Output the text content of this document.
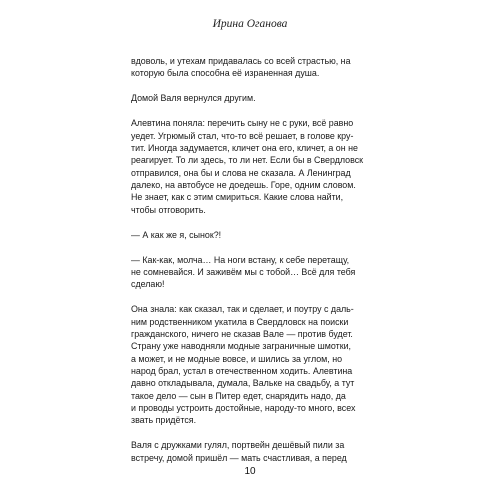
Ирина Оганова

вдоволь, и утехам придавалась со всей страстью, на
которую была способна её израненная душа.

Домой Валя вернулся другим.

Алевтина поняла: перечить сыну не с руки, всё равно
уедет. Угрюмый стал, что-то всё решает, в голове кру-
тит. Иногда задумается, кличет она его, кличет, а он не
реагирует. То ли здесь, то ли нет. Если бы в Свердловск
отправился, она бы и слова не сказала. А Ленинград
далеко, на автобусе не доедешь. Горе, одним словом.
Не знает, как с этим смириться. Какие слова найти,
чтобы отговорить.

— А как же я, сынок?!

— Как-как, молча… На ноги встану, к себе перетащу,
не сомневайся. И заживём мы с тобой… Всё для тебя
сделаю!

Она знала: как сказал, так и сделает, и поутру с даль-
ним родственником укатила в Свердловск на поиски
гражданского, ничего не сказав Вале — против будет.
Страну уже наводняли модные заграничные шмотки,
а может, и не модные вовсе, и шились за углом, но
народ брал, устал в отечественном ходить. Алевтина
давно откладывала, думала, Вальке на свадьбу, а тут
такое дело — сын в Питер едет, снарядить надо, да
и проводы устроить достойные, народу-то много, всех
звать придётся.

Валя с дружками гулял, портвейн дешёвый пили за
встречу, домой пришёл — мать счастливая, а перед

10
